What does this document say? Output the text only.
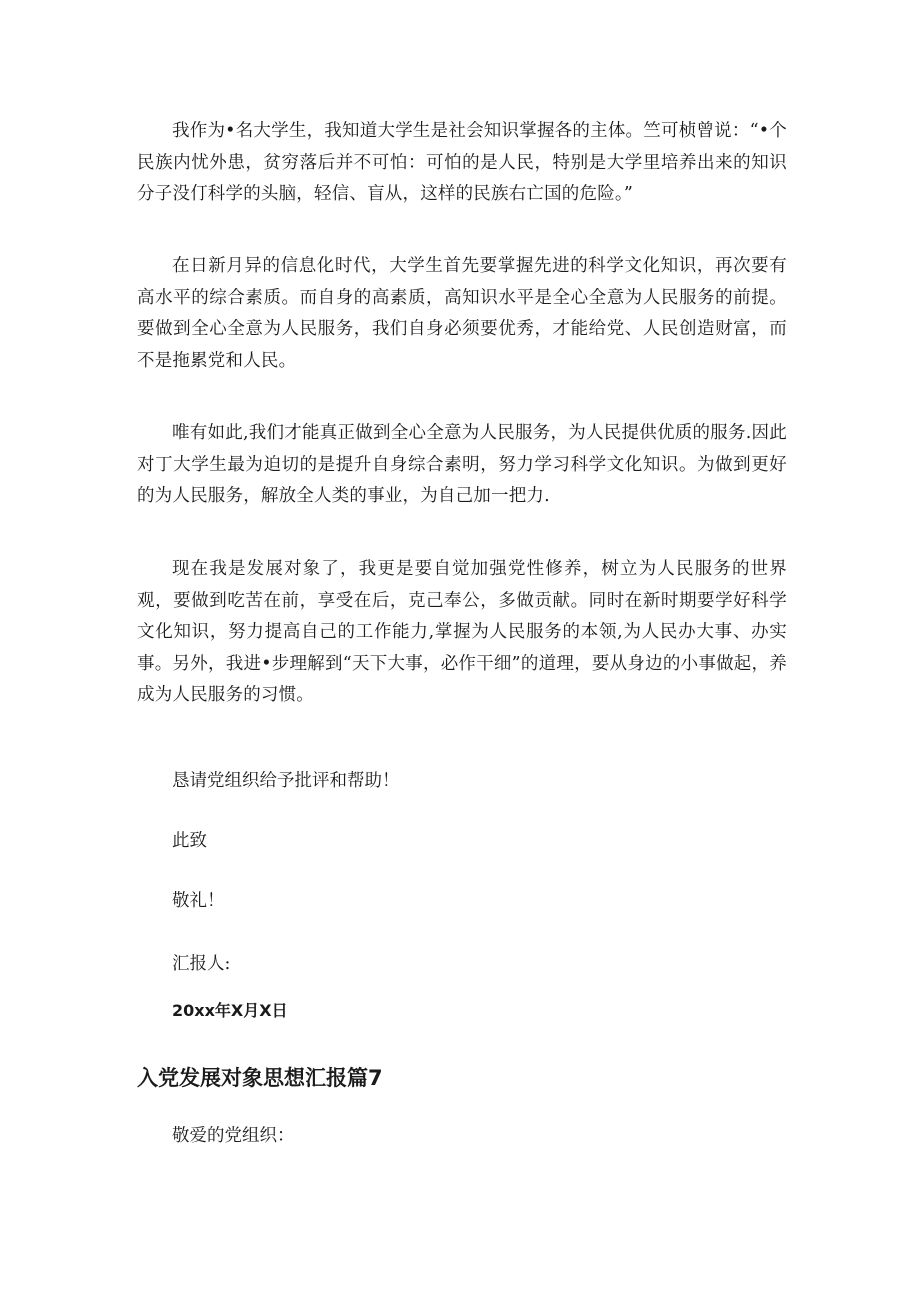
我作为•名大学生，我知道大学生是社会知识掌握各的主体。竺可桢曾说：“•个民族内忧外患，贫穷落后并不可怕：可怕的是人民，特别是大学里培养出来的知识分子没仃科学的头脑，轻信、盲从，这样的民族右亡国的危险。”

在日新月异的信息化时代，大学生首先要掌握先进的科学文化知识，再次要有高水平的综合素质。而自身的高素质，高知识水平是全心全意为人民服务的前提。要做到全心全意为人民服务，我们自身必须要优秀，才能给党、人民创造财富，而不是拖累党和人民。

唯有如此,我们才能真正做到全心全意为人民服务，为人民提供优质的服务.因此对丁大学生最为迫切的是提升自身综合素明，努力学习科学文化知识。为做到更好的为人民服务，解放全人类的事业，为自己加一把力.

现在我是发展对象了，我更是要自觉加强党性修养，树立为人民服务的世界观，要做到吃苦在前，享受在后，克己奉公，多做贡献。同时在新时期要学好科学文化知识，努力提高自己的工作能力,掌握为人民服务的本领,为人民办大事、办实事。另外，我进•步理解到“天下大事，必作干细”的道理，要从身边的小事做起，养成为人民服务的习惯。

恳请党组织给予批评和帮助！

此致

敬礼！

汇报人:

20xx年X月X日

入党发展对象思想汇报篇7

敬爱的党组织：
